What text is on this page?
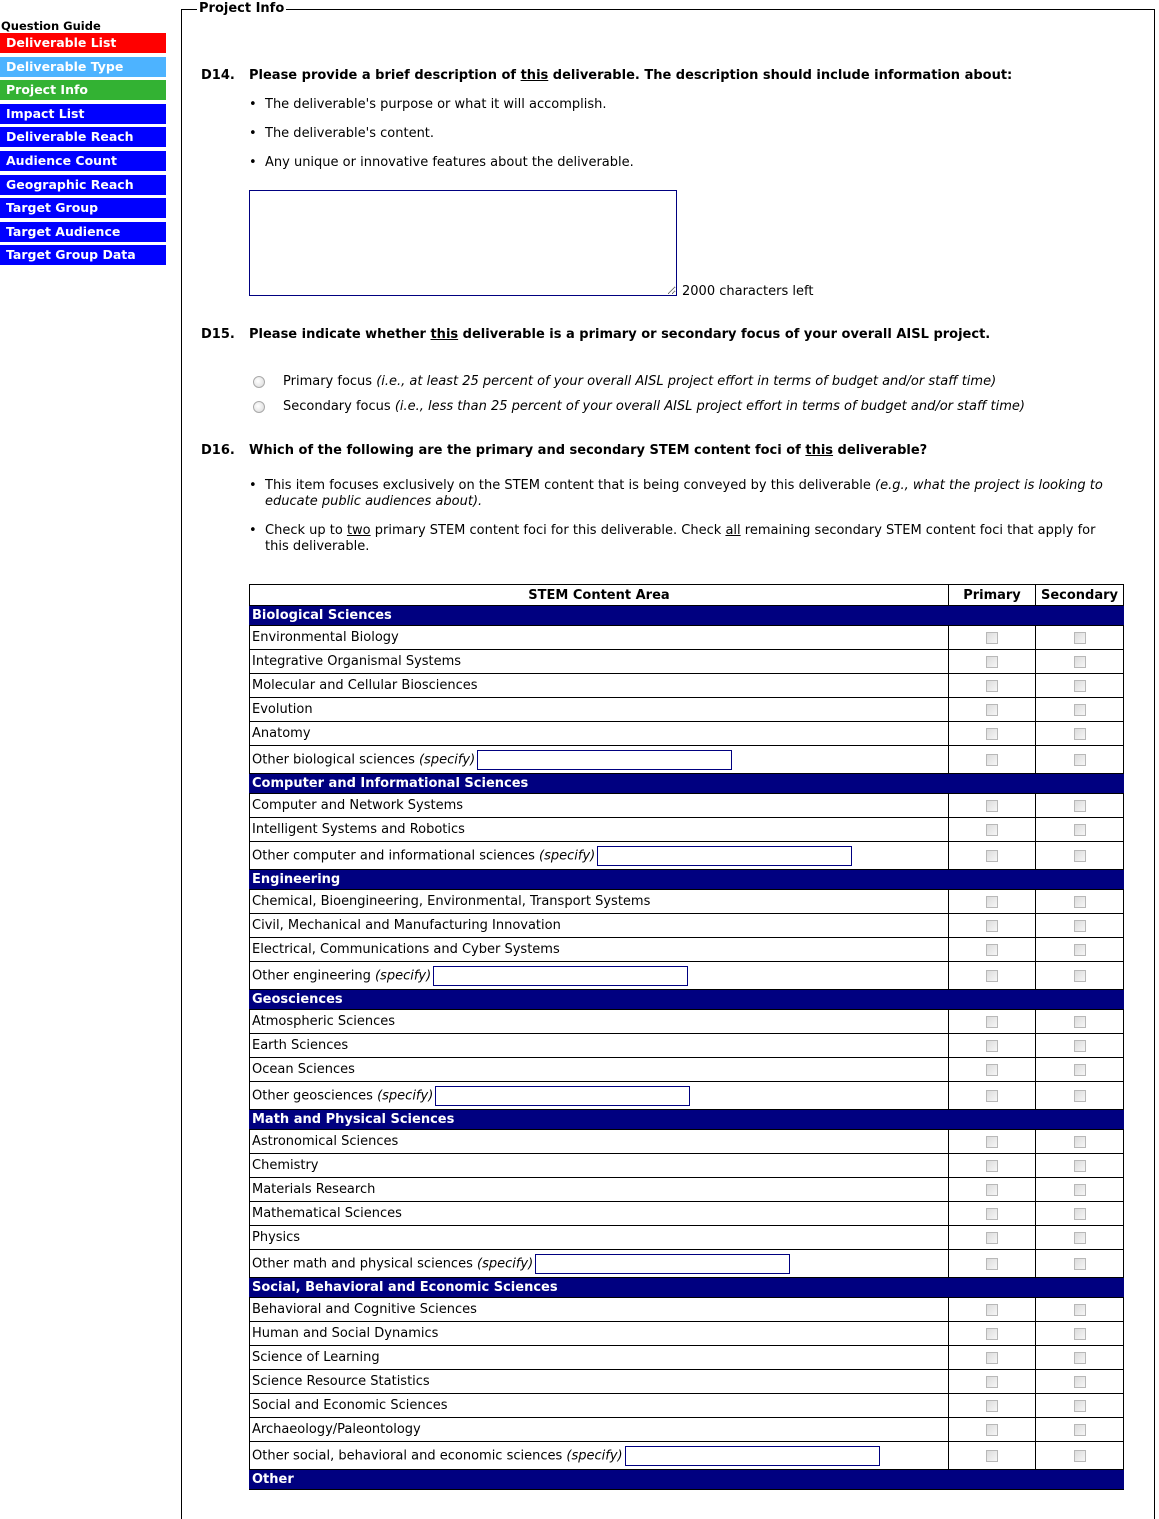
Question Guide
Deliverable List
Deliverable Type
Project Info
Impact List
Deliverable Reach
Audience Count
Geographic Reach
Target Group
Target Audience
Target Group Data
Project Info
D14. Please provide a brief description of this deliverable. The description should include information about:
• The deliverable's purpose or what it will accomplish.
• The deliverable's content.
• Any unique or innovative features about the deliverable.
2000 characters left
D15. Please indicate whether this deliverable is a primary or secondary focus of your overall AISL project.
Primary focus
(i.e., at least 25 percent of your overall AISL project effort in terms of budget and/or staff time)
Secondary focus
(i.e., less than 25 percent of your overall AISL project effort in terms of budget and/or staff time)
D16. Which of the following are the primary and secondary STEM content foci of this deliverable?
• This item focuses exclusively on the STEM content that is being conveyed by this deliverable (e.g., what the project is looking to educate public audiences about).
• Check up to two primary STEM content foci for this deliverable. Check all remaining secondary STEM content foci that apply for this deliverable.
STEM Content Area	Primary	Secondary
Biological Sciences		
Environmental Biology		
Integrative Organismal Systems		
Molecular and Cellular Biosciences		
Evolution		
Anatomy		
Other biological sciences (specify)		
Computer and Informational Sciences		
Computer and Network Systems		
Intelligent Systems and Robotics		
Other computer and informational sciences (specify)		
Engineering		
Chemical, Bioengineering, Environmental, Transport Systems		
Civil, Mechanical and Manufacturing Innovation		
Electrical, Communications and Cyber Systems		
Other engineering (specify)		
Geosciences		
Atmospheric Sciences		
Earth Sciences		
Ocean Sciences		
Other geosciences (specify)		
Math and Physical Sciences		
Astronomical Sciences		
Chemistry		
Materials Research		
Mathematical Sciences		
Physics		
Other math and physical sciences (specify)		
Social, Behavioral and Economic Sciences		
Behavioral and Cognitive Sciences		
Human and Social Dynamics		
Science of Learning		
Science Resource Statistics		
Social and Economic Sciences		
Archaeology/Paleontology		
Other social, behavioral and economic sciences (specify)		
Other		
